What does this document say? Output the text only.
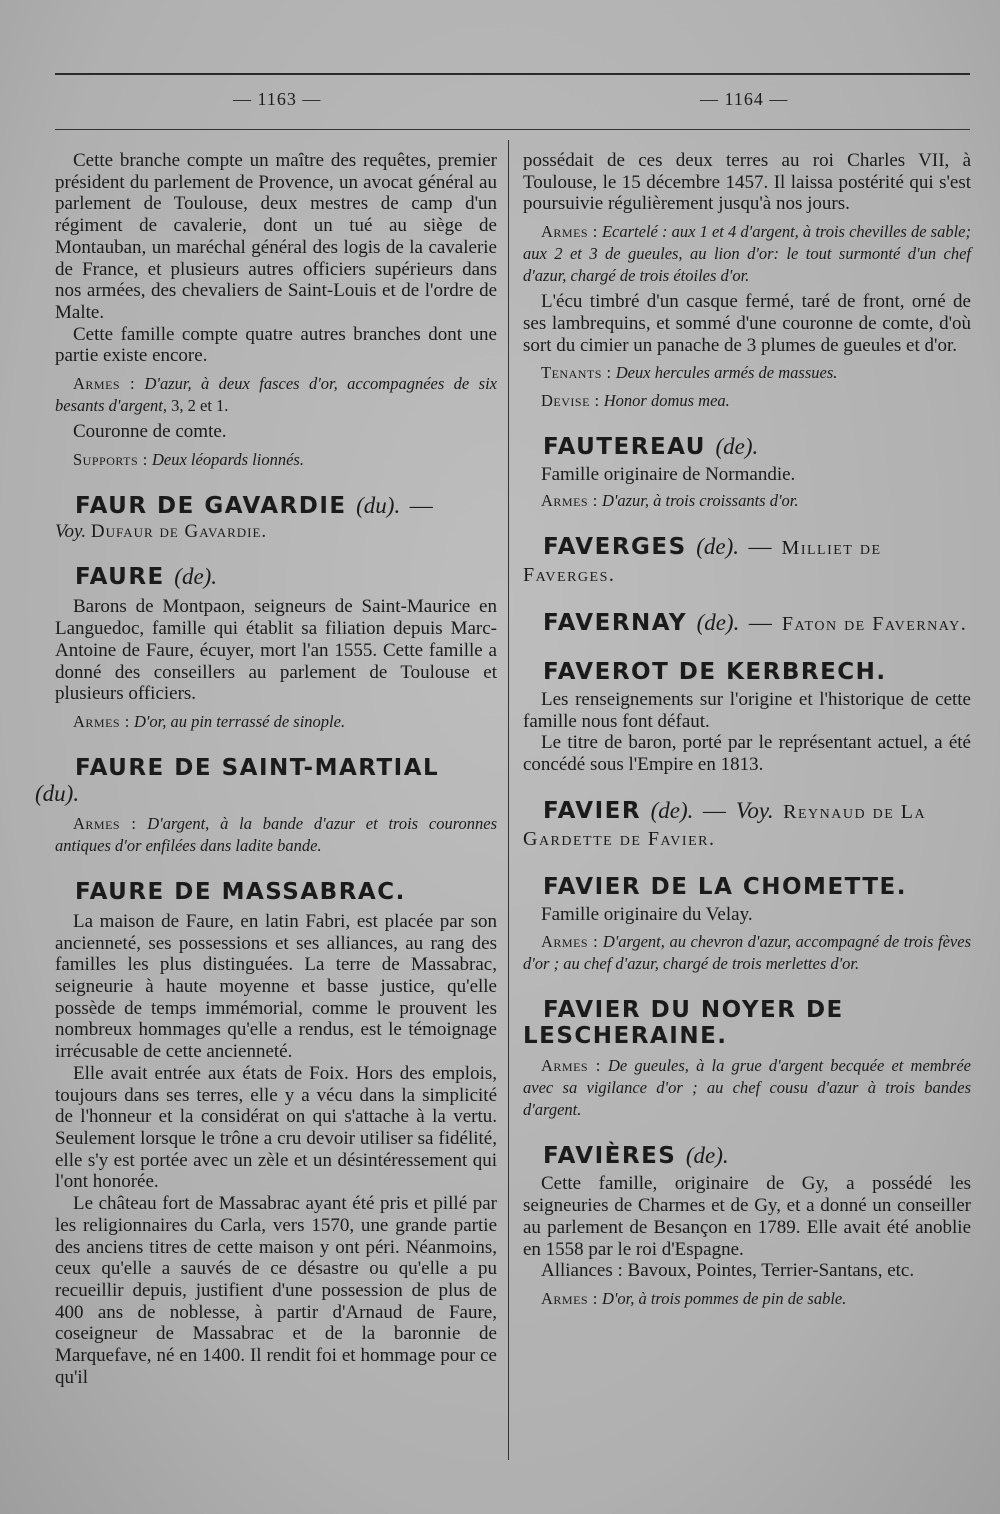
— 1163 —	— 1164 —

Cette branche compte un maître des requêtes, premier président du parlement de Provence, un avocat général au parlement de Toulouse, deux mestres de camp d'un régiment de cavalerie, dont un tué au siège de Montauban, un maréchal général des logis de la cavalerie de France, et plusieurs autres officiers supérieurs dans nos armées, des chevaliers de Saint-Louis et de l'ordre de Malte.

Cette famille compte quatre autres branches dont une partie existe encore.

Armes : D'azur, à deux fasces d'or, accompagnées de six besants d'argent, 3, 2 et 1.

Couronne de comte.

Supports : Deux léopards lionnés.

FAUR DE GAVARDIE (du). —

Voy. Dufaur de Gavardie.

FAURE (de).

Barons de Montpaon, seigneurs de Saint-Maurice en Languedoc, famille qui établit sa filiation depuis Marc-Antoine de Faure, écuyer, mort l'an 1555. Cette famille a donné des conseillers au parlement de Toulouse et plusieurs officiers.

Armes : D'or, au pin terrassé de sinople.

FAURE DE SAINT-MARTIAL
(du).

Armes : D'argent, à la bande d'azur et trois couronnes antiques d'or enfilées dans ladite bande.

FAURE DE MASSABRAC.

La maison de Faure, en latin Fabri, est placée par son ancienneté, ses possessions et ses alliances, au rang des familles les plus distinguées. La terre de Massabrac, seigneurie à haute moyenne et basse justice, qu'elle possède de temps immémorial, comme le prouvent les nombreux hommages qu'elle a rendus, est le témoignage irrécusable de cette ancienneté.

Elle avait entrée aux états de Foix. Hors des emplois, toujours dans ses terres, elle y a vécu dans la simplicité de l'honneur et la considérat on qui s'attache à la vertu. Seulement lorsque le trône a cru devoir utiliser sa fidélité, elle s'y est portée avec un zèle et un désintéressement qui l'ont honorée.

Le château fort de Massabrac ayant été pris et pillé par les religionnaires du Carla, vers 1570, une grande partie des anciens titres de cette maison y ont péri. Néanmoins, ceux qu'elle a sauvés de ce désastre ou qu'elle a pu recueillir depuis, justifient d'une possession de plus de 400 ans de noblesse, à partir d'Arnaud de Faure, coseigneur de Massabrac et de la baronnie de Marquefave, né en 1400. Il rendit foi et hommage pour ce qu'il

possédait de ces deux terres au roi Charles VII, à Toulouse, le 15 décembre 1457. Il laissa postérité qui s'est poursuivie régulièrement jusqu'à nos jours.

Armes : Ecartelé : aux 1 et 4 d'argent, à trois chevilles de sable; aux 2 et 3 de gueules, au lion d'or: le tout surmonté d'un chef d'azur, chargé de trois étoiles d'or.

L'écu timbré d'un casque fermé, taré de front, orné de ses lambrequins, et sommé d'une couronne de comte, d'où sort du cimier un panache de 3 plumes de gueules et d'or.

Tenants : Deux hercules armés de massues.

Devise : Honor domus mea.

FAUTEREAU (de).

Famille originaire de Normandie.

Armes : D'azur, à trois croissants d'or.

FAVERGES (de). — Milliet de Faverges.
FAVERNAY (de). — Faton de Favernay.
FAVEROT DE KERBRECH.

Les renseignements sur l'origine et l'historique de cette famille nous font défaut.

Le titre de baron, porté par le représentant actuel, a été concédé sous l'Empire en 1813.

FAVIER (de). — Voy. Reynaud de La Gardette de Favier.
FAVIER DE LA CHOMETTE.

Famille originaire du Velay.

Armes : D'argent, au chevron d'azur, accompagné de trois fèves d'or ; au chef d'azur, chargé de trois merlettes d'or.

FAVIER DU NOYER DE LESCHERAINE.

Armes : De gueules, à la grue d'argent becquée et membrée avec sa vigilance d'or ; au chef cousu d'azur à trois bandes d'argent.

FAVIÈRES (de).

Cette famille, originaire de Gy, a possédé les seigneuries de Charmes et de Gy, et a donné un conseiller au parlement de Besançon en 1789. Elle avait été anoblie en 1558 par le roi d'Espagne.

Alliances : Bavoux, Pointes, Terrier-Santans, etc.

Armes : D'or, à trois pommes de pin de sable.
